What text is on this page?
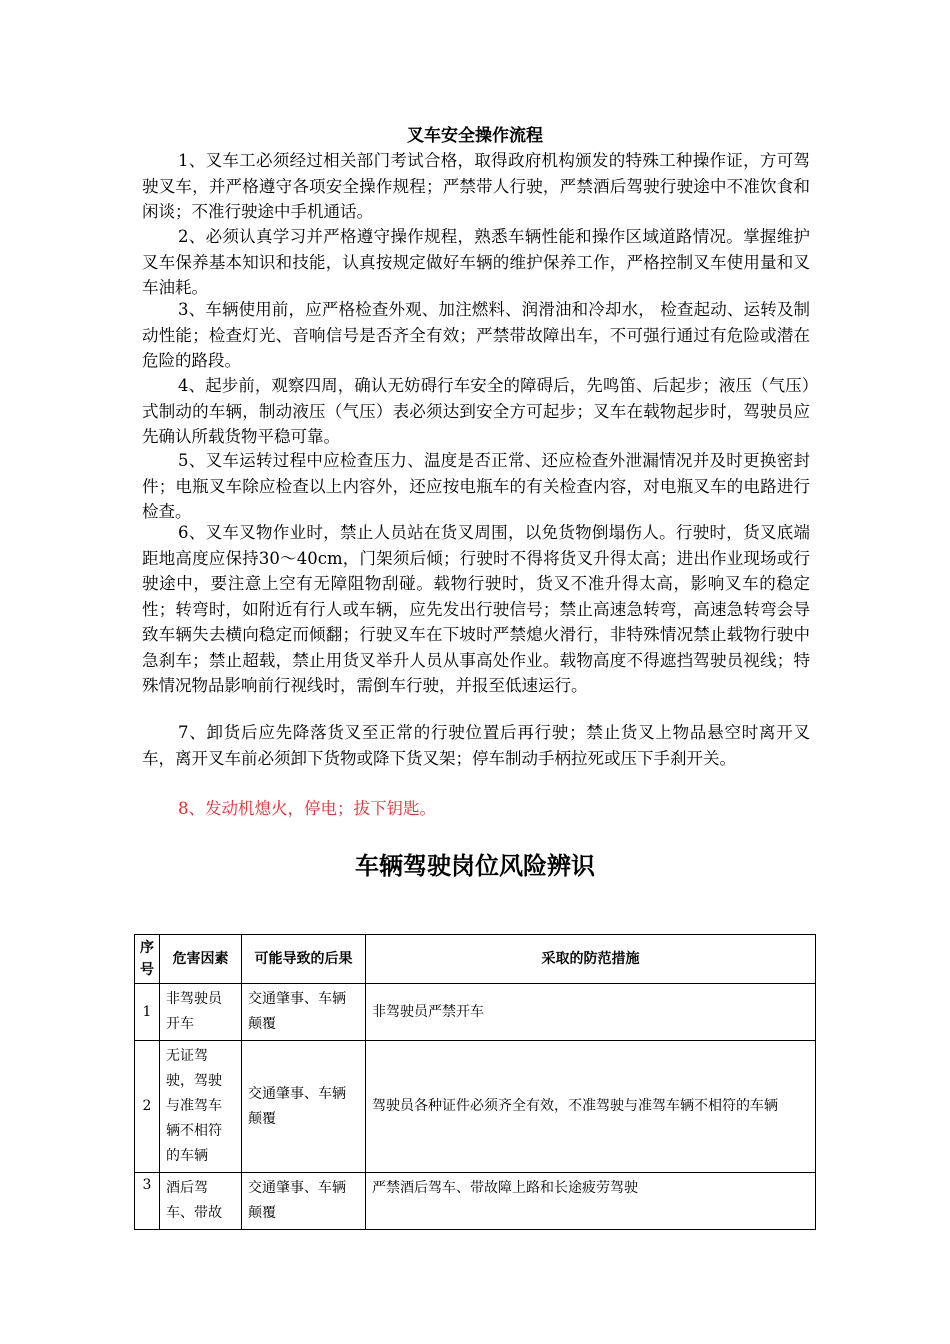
叉车安全操作流程

1、叉车工必须经过相关部门考试合格，取得政府机构颁发的特殊工种操作证，方可驾驶叉车，并严格遵守各项安全操作规程；严禁带人行驶，严禁酒后驾驶行驶途中不准饮食和闲谈；不准行驶途中手机通话。

2、必须认真学习并严格遵守操作规程，熟悉车辆性能和操作区域道路情况。掌握维护叉车保养基本知识和技能，认真按规定做好车辆的维护保养工作，严格控制叉车使用量和叉车油耗。

3、车辆使用前，应严格检查外观、加注燃料、润滑油和冷却水， 检查起动、运转及制动性能；检查灯光、音响信号是否齐全有效；严禁带故障出车，不可强行通过有危险或潜在危险的路段。

4、起步前，观察四周，确认无妨碍行车安全的障碍后，先鸣笛、后起步；液压（气压）式制动的车辆，制动液压（气压）表必须达到安全方可起步；叉车在载物起步时，驾驶员应先确认所载货物平稳可靠。

5、叉车运转过程中应检查压力、温度是否正常、还应检查外泄漏情况并及时更换密封件；电瓶叉车除应检查以上内容外，还应按电瓶车的有关检查内容，对电瓶叉车的电路进行检查。

6、叉车叉物作业时，禁止人员站在货叉周围，以免货物倒塌伤人。行驶时，货叉底端距地高度应保持30～40cm，门架须后倾；行驶时不得将货叉升得太高；进出作业现场或行驶途中，要注意上空有无障阻物刮碰。载物行驶时，货叉不准升得太高，影响叉车的稳定性；转弯时，如附近有行人或车辆，应先发出行驶信号；禁止高速急转弯，高速急转弯会导致车辆失去横向稳定而倾翻；行驶叉车在下坡时严禁熄火滑行，非特殊情况禁止载物行驶中急刹车；禁止超载，禁止用货叉举升人员从事高处作业。载物高度不得遮挡驾驶员视线；特殊情况物品影响前行视线时，需倒车行驶，并报至低速运行。

7、卸货后应先降落货叉至正常的行驶位置后再行驶；禁止货叉上物品悬空时离开叉车，离开叉车前必须卸下货物或降下货叉架；停车制动手柄拉死或压下手刹开关。

8、发动机熄火，停电；拔下钥匙。

车辆驾驶岗位风险辨识
序号	危害因素	可能导致的后果	采取的防范措施
1	非驾驶员开车	交通肇事、车辆颠覆	非驾驶员严禁开车
2	无证驾驶，驾驶与准驾车辆不相符的车辆	交通肇事、车辆颠覆	驾驶员各种证件必须齐全有效，不准驾驶与准驾车辆不相符的车辆
3	酒后驾车、带故	交通肇事、车辆颠覆	严禁酒后驾车、带故障上路和长途疲劳驾驶
